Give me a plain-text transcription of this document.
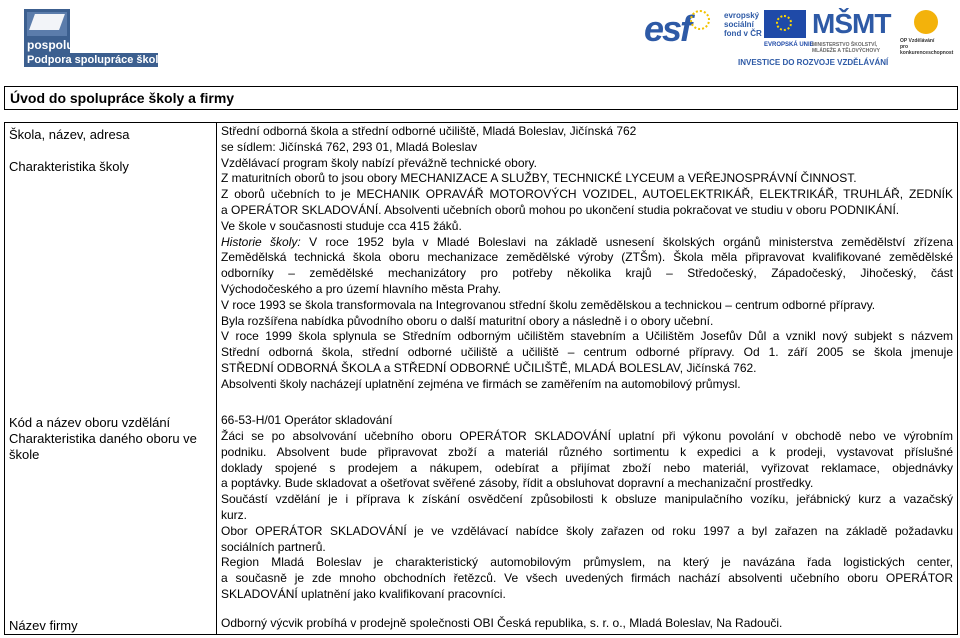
pospolu
Podpora spolupráce škol a firem
esf	evropský
sociální
fond v ČR
EVROPSKÁ UNIE
MŠMT
MINISTERSTVO ŠKOLSTVÍ,
MLÁDEŽE A TĚLOVÝCHOVY
OP Vzdělávání
pro konkurenceschopnost
INVESTICE DO ROZVOJE VZDĚLÁVÁNÍ
Úvod do spolupráce školy a firmy
Škola, název, adresa
Charakteristika školy
Kód a název oboru vzdělání
Charakteristika daného oboru ve škole
Název firmy
Střední odborná škola a střední odborné učiliště, Mladá Boleslav, Jičínská 762
se sídlem: Jičínská 762, 293 01, Mladá Boleslav
Vzdělávací program školy nabízí převážně technické obory.
Z maturitních oborů to jsou obory MECHANIZACE A SLUŽBY, TECHNICKÉ LYCEUM a VEŘEJNOSPRÁVNÍ ČINNOST.
Z oborů učebních to je MECHANIK OPRAVÁŘ MOTOROVÝCH VOZIDEL, AUTOELEKTRIKÁŘ, ELEKTRIKÁŘ, TRUHLÁŘ, ZEDNÍK
a OPERÁTOR SKLADOVÁNÍ. Absolventi učebních oborů mohou po ukončení studia pokračovat ve studiu v oboru PODNIKÁNÍ.
Ve škole v současnosti studuje cca 415 žáků.
Historie školy: V roce 1952 byla v Mladé Boleslavi na základě usnesení školských orgánů ministerstva zemědělství zřízena
Zemědělská technická škola oboru mechanizace zemědělské výroby (ZTŠm). Škola měla připravovat kvalifikované zemědělské
odborníky – zemědělské mechanizátory pro potřeby několika krajů – Středočeský, Západočeský, Jihočeský, část
Východočeského a pro území hlavního města Prahy.
V roce 1993 se škola transformovala na Integrovanou střední školu zemědělskou a technickou – centrum odborné přípravy.
Byla rozšířena nabídka původního oboru o další maturitní obory a následně i o obory učební.
V roce 1999 škola splynula se Středním odborným učilištěm stavebním a Učilištěm Josefův Důl a vznikl nový subjekt s názvem
Střední odborná škola, střední odborné učiliště a učiliště – centrum odborné přípravy. Od 1. září 2005 se škola jmenuje
STŘEDNÍ ODBORNÁ ŠKOLA a STŘEDNÍ ODBORNÉ UČILIŠTĚ, MLADÁ BOLESLAV, Jičínská 762.
Absolventi školy nacházejí uplatnění zejména ve firmách se zaměřením na automobilový průmysl.
66-53-H/01 Operátor skladování
Žáci se po absolvování učebního oboru OPERÁTOR SKLADOVÁNÍ uplatní při výkonu povolání v obchodě nebo ve výrobním
podniku. Absolvent bude připravovat zboží a materiál různého sortimentu k expedici a k prodeji, vystavovat příslušné
doklady spojené s prodejem a nákupem, odebírat a přijímat zboží nebo materiál, vyřizovat reklamace, objednávky
a poptávky. Bude skladovat a ošetřovat svěřené zásoby, řídit a obsluhovat dopravní a mechanizační prostředky.
Součástí vzdělání je i příprava k získání osvědčení způsobilosti k obsluze manipulačního vozíku, jeřábnický kurz a vazačský
kurz.
Obor OPERÁTOR SKLADOVÁNÍ je ve vzdělávací nabídce školy zařazen od roku 1997 a byl zařazen na základě požadavku
sociálních partnerů.
Region Mladá Boleslav je charakteristický automobilovým průmyslem, na který je navázána řada logistických center,
a současně je zde mnoho obchodních řetězců. Ve všech uvedených firmách nachází absolventi učebního oboru OPERÁTOR
SKLADOVÁNÍ uplatnění jako kvalifikovaní pracovníci.
Odborný výcvik probíhá v prodejně společnosti OBI Česká republika, s. r. o., Mladá Boleslav, Na Radouči.
